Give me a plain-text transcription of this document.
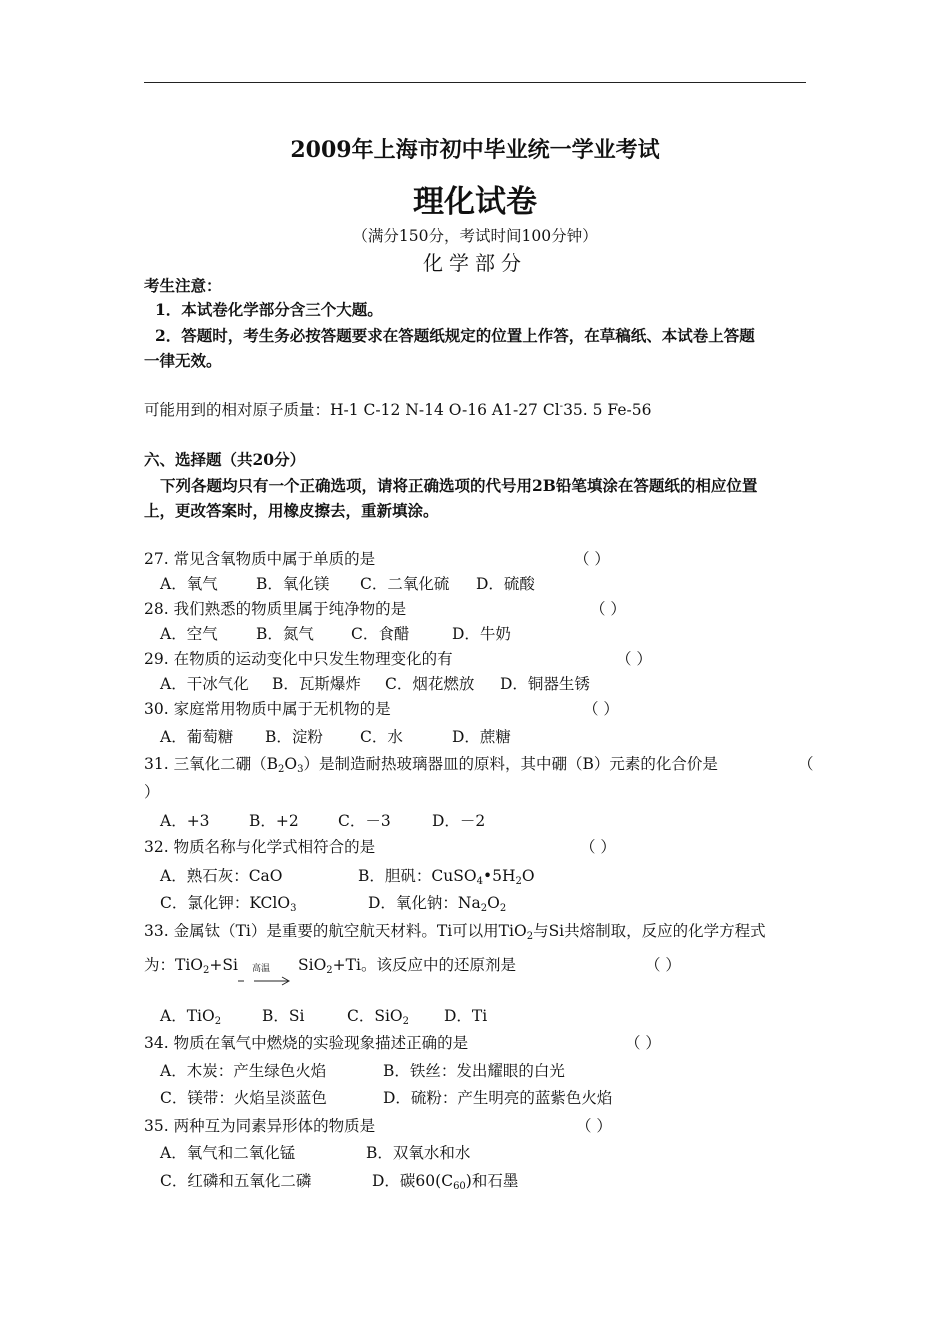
2009年上海市初中毕业统一学业考试
理化试卷
（满分150分，考试时间100分钟）
化学部分
考生注意：
1．本试卷化学部分含三个大题。
2．答题时，考生务必按答题要求在答题纸规定的位置上作答，在草稿纸、本试卷上答题
一律无效。
可能用到的相对原子质量：H-1 C-12 N-14 O-16 A1-27 Cl-35. 5 Fe-56
六、选择题（共20分）
下列各题均只有一个正确选项，请将正确选项的代号用2B铅笔填涂在答题纸的相应位置
上，更改答案时，用橡皮擦去，重新填涂。
27. 常见含氧物质中属于单质的是	（ ）
A．氧气 B．氧化镁 C．二氧化硫 D．硫酸
28. 我们熟悉的物质里属于纯净物的是	（ ）
A．空气 B．氮气 C．食醋	D．牛奶
29. 在物质的运动变化中只发生物理变化的有	（ ）
A．干冰气化 B．瓦斯爆炸 C．烟花燃放 D．铜器生锈
30. 家庭常用物质中属于无机物的是	（ ）
A．葡萄糖 B．淀粉 C．水	D．蔗糖
31. 三氧化二硼$(B_2O_3)$是制造耐热玻璃器皿的原料，其中硼（B）元素的化合价是	（
）
A．+3	B．+2	C．－3	D．－2
32. 物质名称与化学式相符合的是	（ ）
A．熟石灰：CaO	B．胆矾：$CuSO_4•5H_2O$
C．氯化钾：KClO$_3$	D．氧化钠：$Na_2O_2$
33. 金属钛（Ti）是重要的航空航天材料。Ti可以用TiO$_2$与Si共熔制取，反应的化学方程式
为：TiO$_2$+Si 高温 SiO$_2$+Ti。该反应中的还原剂是	（ ）
A．TiO$_2$	B．Si	C．SiO$_2$ D．Ti
34. 物质在氧气中燃烧的实验现象描述正确的是	（ ）
A．木炭：产生绿色火焰	B．铁丝：发出耀眼的白光
C．镁带：火焰呈淡蓝色	D．硫粉：产生明亮的蓝紫色火焰
35. 两种互为同素异形体的物质是	（ ）
A．氧气和二氧化锰	B．双氧水和水
C．红磷和五氧化二磷	D．碳$60(C_{60})$和石墨
